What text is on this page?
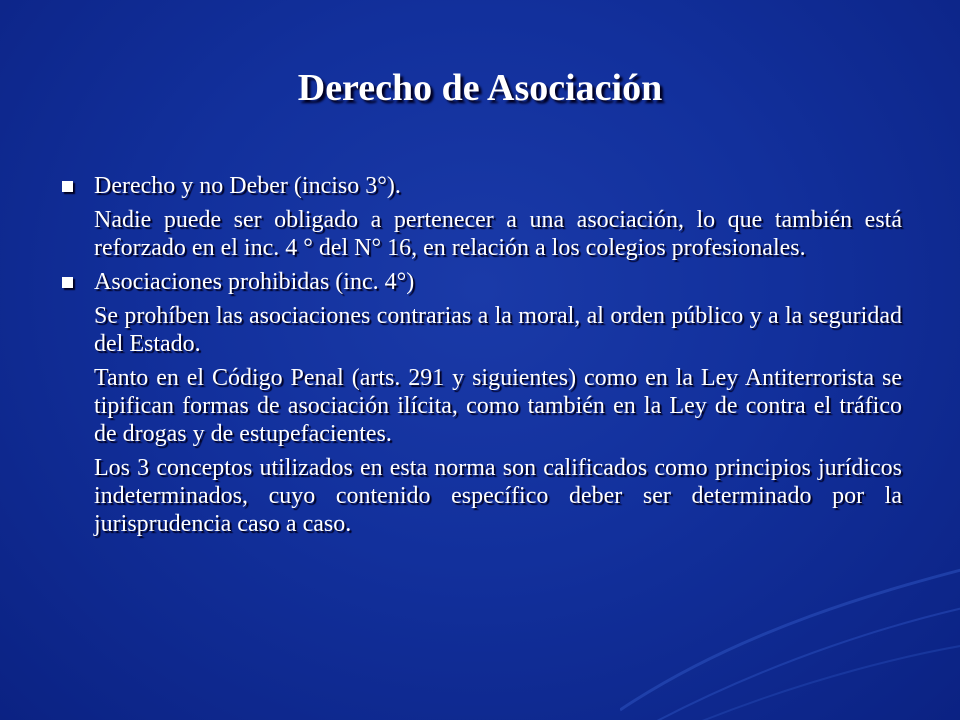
Derecho de Asociación
Derecho y no Deber (inciso 3°).
Nadie puede ser obligado a pertenecer a una asociación, lo que también está reforzado en el inc. 4 ° del N° 16, en relación a los colegios profesionales.
Asociaciones prohibidas (inc. 4°)
Se prohíben las asociaciones contrarias a la moral, al orden público y a la seguridad del Estado.
Tanto en el Código Penal (arts. 291 y siguientes) como en la Ley Antiterrorista se tipifican formas de asociación ilícita, como también en la Ley de contra el tráfico de drogas y de estupefacientes.
Los 3 conceptos utilizados en esta norma son calificados como principios jurídicos indeterminados, cuyo contenido específico deber ser determinado por la jurisprudencia caso a caso.
